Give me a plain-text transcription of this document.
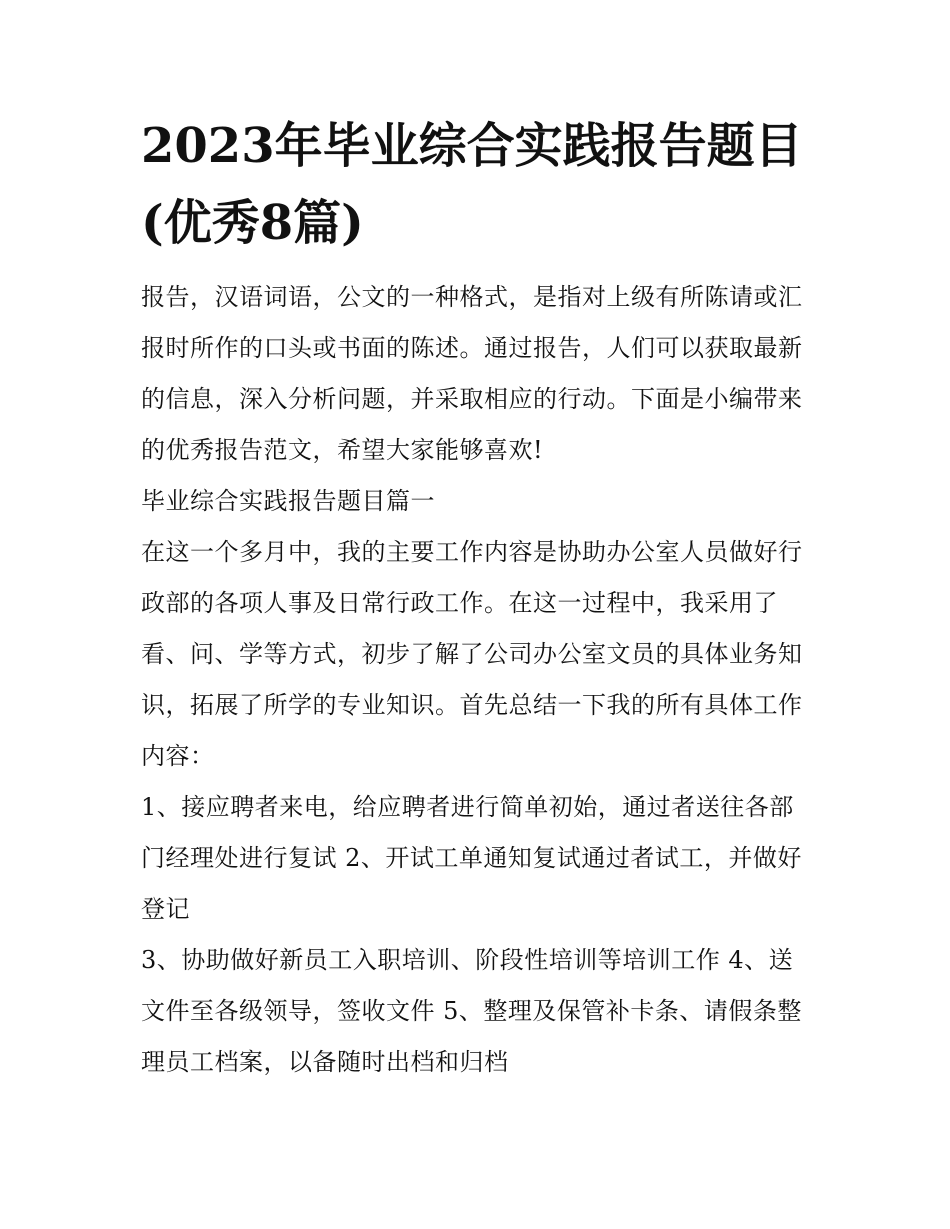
2023年毕业综合实践报告题目(优秀8篇)

报告，汉语词语，公文的一种格式，是指对上级有所陈请或汇报时所作的口头或书面的陈述。通过报告，人们可以获取最新的信息，深入分析问题，并采取相应的行动。下面是小编带来的优秀报告范文，希望大家能够喜欢!

毕业综合实践报告题目篇一

在这一个多月中，我的主要工作内容是协助办公室人员做好行政部的各项人事及日常行政工作。在这一过程中，我采用了看、问、学等方式，初步了解了公司办公室文员的具体业务知识，拓展了所学的专业知识。首先总结一下我的所有具体工作内容：

1、接应聘者来电，给应聘者进行简单初始，通过者送往各部门经理处进行复试 2、开试工单通知复试通过者试工，并做好登记

3、协助做好新员工入职培训、阶段性培训等培训工作 4、送文件至各级领导，签收文件 5、整理及保管补卡条、请假条整理员工档案，以备随时出档和归档
